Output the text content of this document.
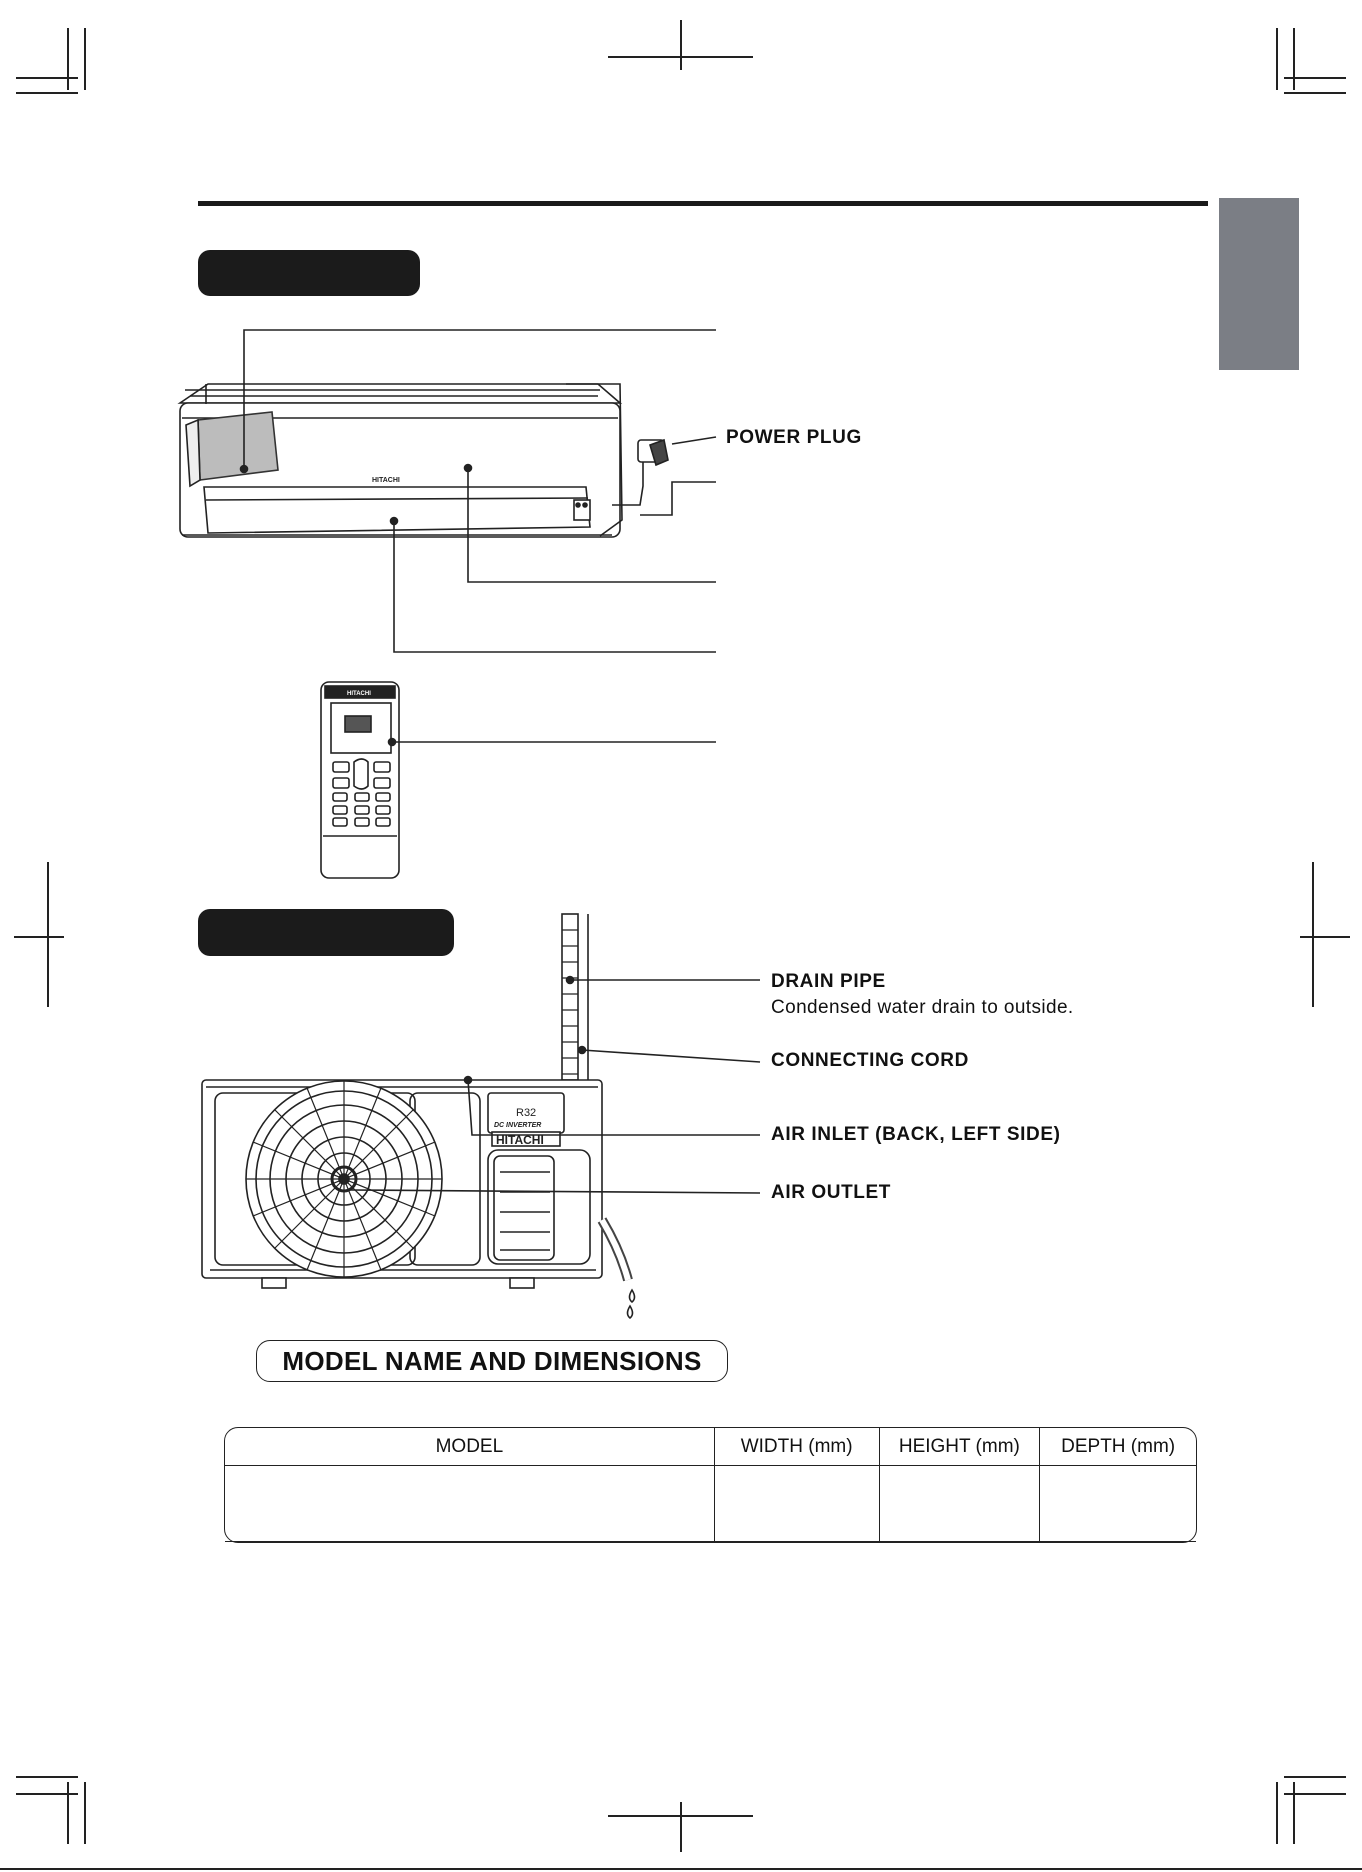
HITACHI
HITACHI
R32
DC INVERTER
HITACHI
POWER PLUG
DRAIN PIPE
Condensed water drain to outside.
CONNECTING CORD
AIR INLET (BACK, LEFT SIDE)
AIR OUTLET
MODEL NAME AND DIMENSIONS
MODEL	WIDTH (mm)	HEIGHT (mm)	DEPTH (mm)
